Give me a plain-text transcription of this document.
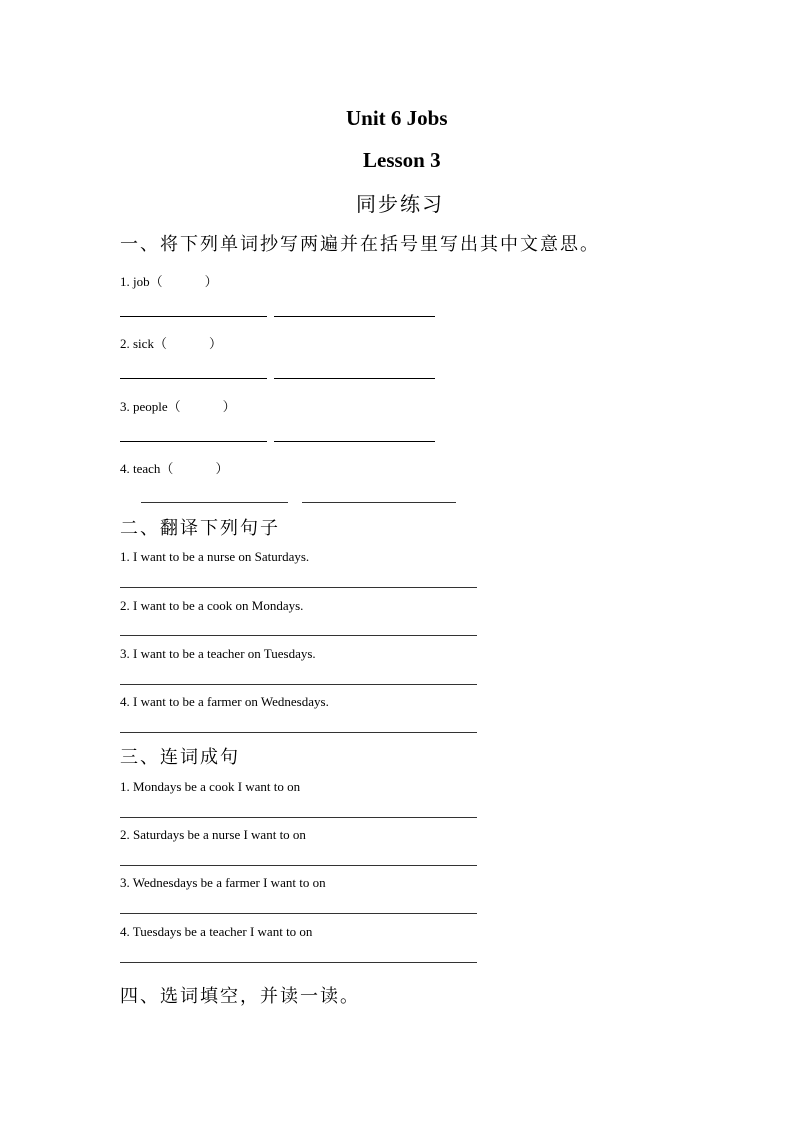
Unit 6 Jobs
Lesson 3
同步练习
一、将下列单词抄写两遍并在括号里写出其中文意思。
1. job（	）
2. sick（	）
3. people（	）
4. teach（	）
二、翻译下列句子
1. I want to be a nurse on Saturdays.
2. I want to be a cook on Mondays.
3. I want to be a teacher on Tuesdays.
4. I want to be a farmer on Wednesdays.
三、连词成句
1. Mondays be a cook I want to on
2. Saturdays be a nurse I want to on
3. Wednesdays be a farmer I want to on
4. Tuesdays be a teacher I want to on
四、选词填空，并读一读。
